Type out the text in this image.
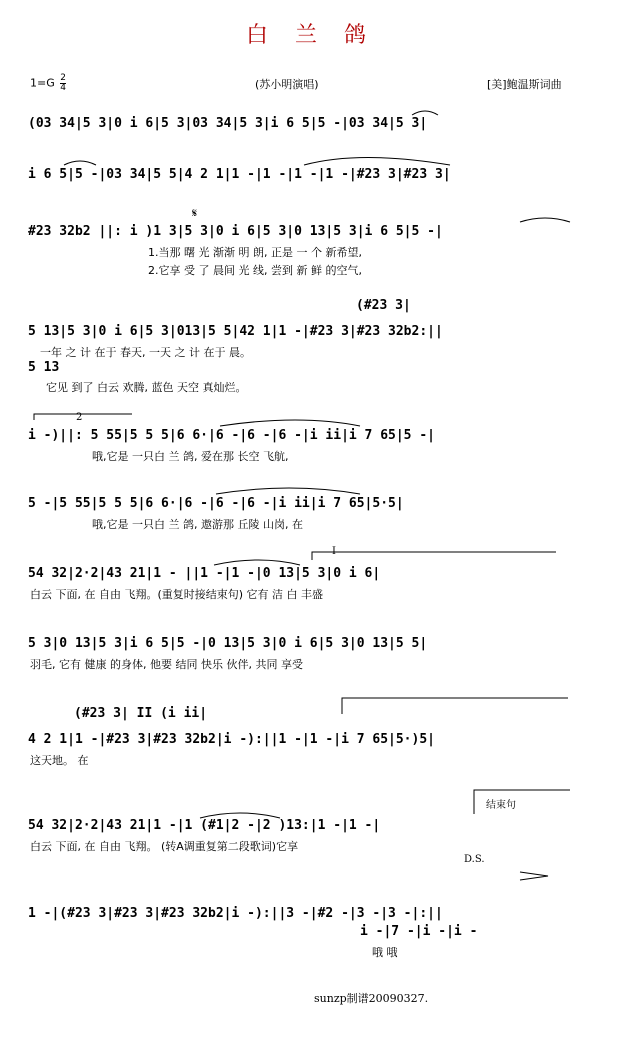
白 兰 鸽
$1=G \frac{2}{4}$	(苏小明演唱)	[美]鲍温斯词曲
(03 34|5 3|0 i 6|5 3|03 34|5 3|i 6 5|5 -|03 34|5 3|
i 6 5|5 -|03 34|5 5|4 2 1|1 -|1 -|1 -|1 -|#23 3|#23 3|
𝄋
#23 32b2 ||: i )1 3|5 3|0 i 6|5 3|0 13|5 3|i 6 5|5 -|
1.当那 曙 光 渐渐 明 朗, 正是 一 个 新希望,
2.它享 受 了 晨间 光 线, 尝到 新 鲜 的空气,
(#23 3|
5 13|5 3|0 i 6|5 3|013|5 5|42 1|1 -|#23 3|#23 32b2:||
一年 之 计 在于 春天, 一天 之 计 在于 晨。
5 13
它见 到了 白云 欢腾, 蓝色 天空 真灿烂。
2
i -)||: 5 55|5 5 5|6 6·|6 -|6 -|6 -|i ii|i 7 65|5 -|
哦,它是 一只白 兰 鸽, 爱在那 长空 飞航,
5 -|5 55|5 5 5|6 6·|6 -|6 -|6 -|i ii|i 7 65|5·5|
哦,它是 一只白 兰 鸽, 遨游那 丘陵 山岗, 在
I
54 32|2·2|43 21|1 - ||1 -|1 -|0 13|5 3|0 i 6|
白云 下面, 在 自由 飞翔。(重复时接结束句) 它有 洁 白 丰盛
5 3|0 13|5 3|i 6 5|5 -|0 13|5 3|0 i 6|5 3|0 13|5 5|
羽毛, 它有 健康 的身体, 他要 结同 快乐 伙伴, 共同 享受
(#23 3| II (i ii|
4 2 1|1 -|#23 3|#23 32b2|i -):||1 -|1 -|i 7 65|5·)5|
这天地。 在
结束句
54 32|2·2|43 21|1 -|1 (#1|2 -|2 )13:|1 -|1 -|
白云 下面, 在 自由 飞翔。 (转A调重复第二段歌词)它享
D.S.
1 -|(#23 3|#23 3|#23 32b2|i -):||3 -|#2 -|3 -|3 -|:||
i -|7 -|i -|i -
哦 哦
sunzp制谱20090327.
